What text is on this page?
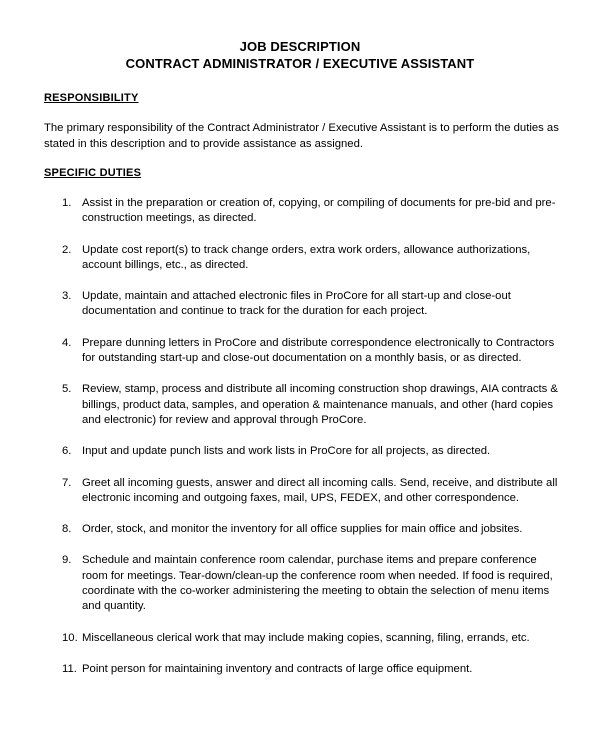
JOB DESCRIPTION
CONTRACT ADMINISTRATOR / EXECUTIVE ASSISTANT
RESPONSIBILITY
The primary responsibility of the Contract Administrator / Executive Assistant is to perform the duties as stated in this description and to provide assistance as assigned.
SPECIFIC DUTIES
1. Assist in the preparation or creation of, copying, or compiling of documents for pre-bid and pre-construction meetings, as directed.
2. Update cost report(s) to track change orders, extra work orders, allowance authorizations, account billings, etc., as directed.
3. Update, maintain and attached electronic files in ProCore for all start-up and close-out documentation and continue to track for the duration for each project.
4. Prepare dunning letters in ProCore and distribute correspondence electronically to Contractors for outstanding start-up and close-out documentation on a monthly basis, or as directed.
5. Review, stamp, process and distribute all incoming construction shop drawings, AIA contracts & billings, product data, samples, and operation & maintenance manuals, and other (hard copies and electronic) for review and approval through ProCore.
6. Input and update punch lists and work lists in ProCore for all projects, as directed.
7. Greet all incoming guests, answer and direct all incoming calls. Send, receive, and distribute all electronic incoming and outgoing faxes, mail, UPS, FEDEX, and other correspondence.
8. Order, stock, and monitor the inventory for all office supplies for main office and jobsites.
9. Schedule and maintain conference room calendar, purchase items and prepare conference room for meetings. Tear-down/clean-up the conference room when needed. If food is required, coordinate with the co-worker administering the meeting to obtain the selection of menu items and quantity.
10. Miscellaneous clerical work that may include making copies, scanning, filing, errands, etc.
11. Point person for maintaining inventory and contracts of large office equipment.
